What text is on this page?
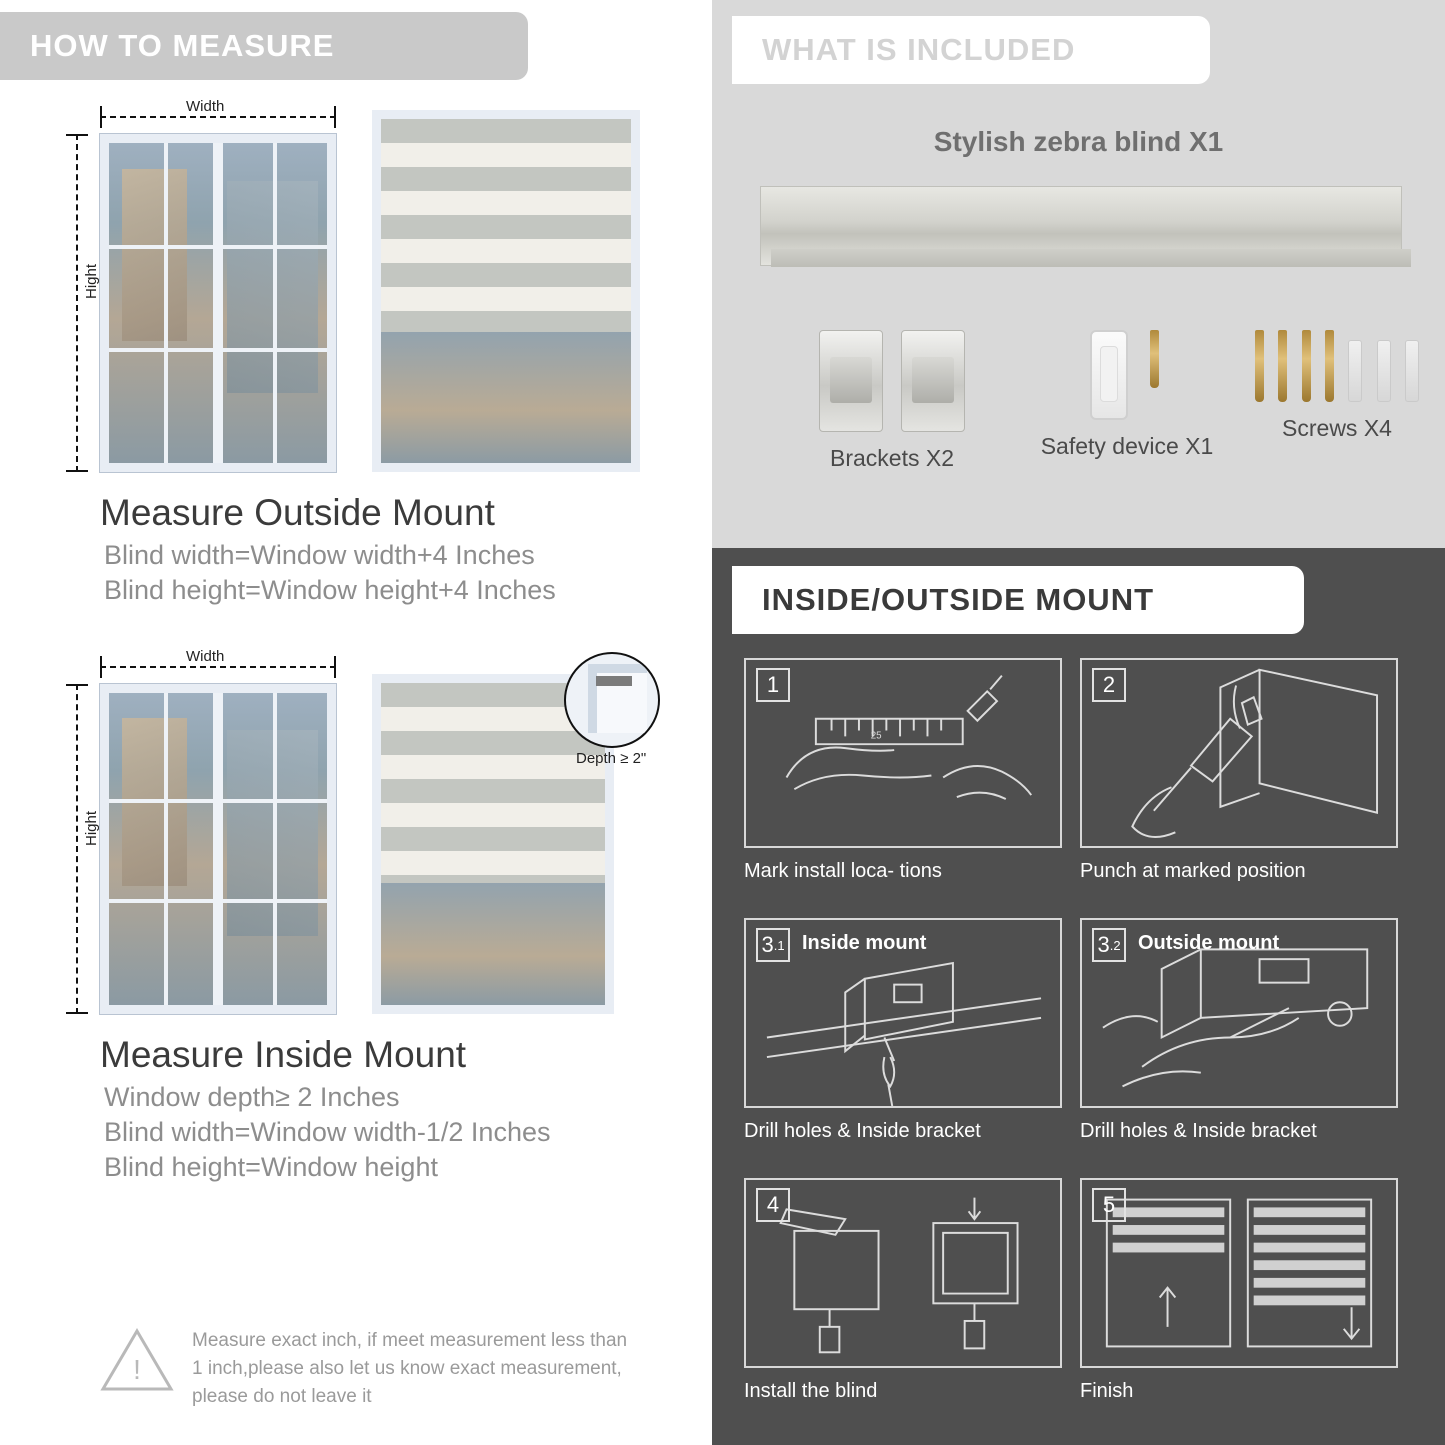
HOW TO MEASURE
Width
Hight
Measure Outside Mount
Blind width=Window width+4 Inches
Blind height=Window height+4 Inches
Width
Hight
Depth ≥ 2"
Measure Inside Mount
Window depth≥ 2 Inches
Blind width=Window width-1/2 Inches
Blind height=Window height
!

Measure exact inch, if meet measurement less than 1 inch,please also let us know exact measurement, please do not leave it

WHAT IS INCLUDED
Stylish zebra blind X1

Brackets X2
	Safety device X1

Screws X4
INSIDE/OUTSIDE MOUNT
1
25
Mark install loca- tions
2
Punch at marked position
3 .1 Inside mount
Drill holes & Inside bracket
3 .2 Outside mount
Drill holes & Inside bracket
4
Install the blind
5
Finish
